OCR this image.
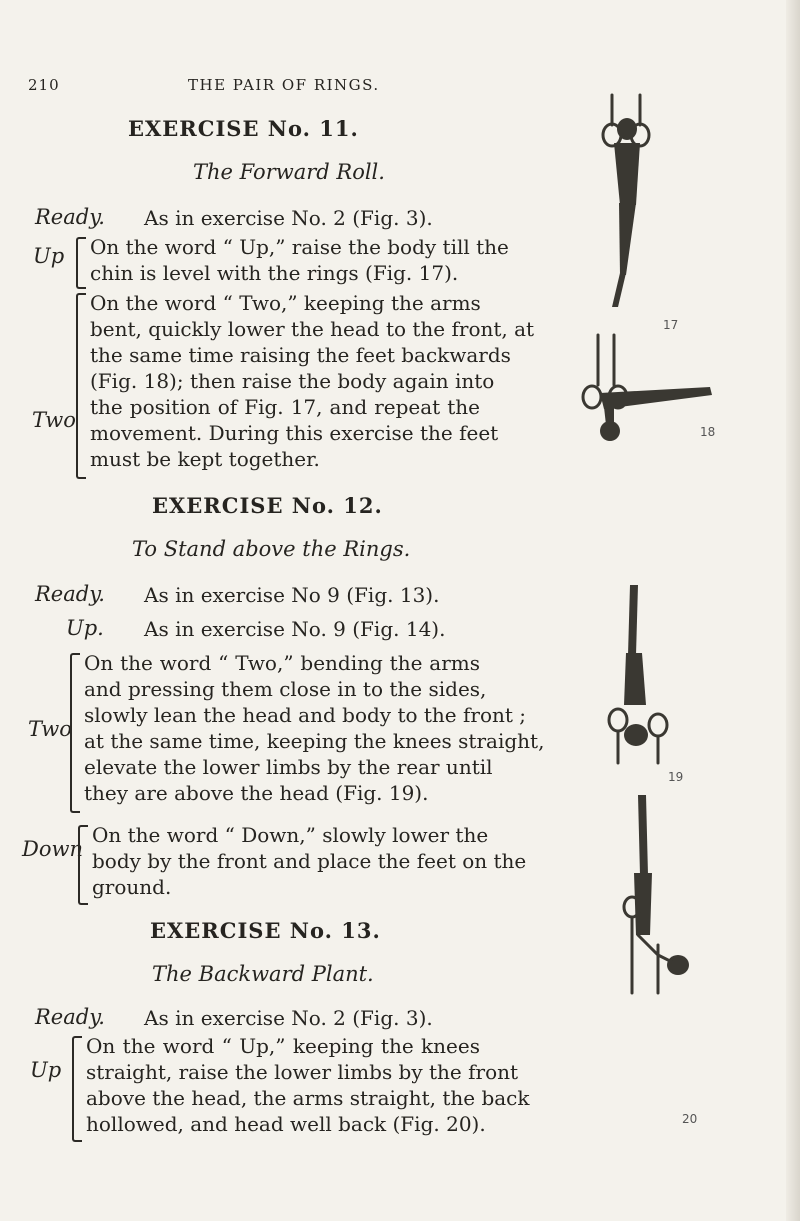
210	THE PAIR OF RINGS.
EXERCISE No. 11.
The Forward Roll.
Ready. As in exercise No. 2 (Fig. 3).
Up On the word “ Up,” raise the body till the
chin is level with the rings (Fig. 17).
Two
On the word “ Two,” keeping the arms
bent, quickly lower the head to the front, at
the same time raising the feet backwards
(Fig. 18); then raise the body again into
the position of Fig. 17, and repeat the
movement. During this exercise the feet
must be kept together.
EXERCISE No. 12.
To Stand above the Rings.
Ready. As in exercise No 9 (Fig. 13).
Up. As in exercise No. 9 (Fig. 14).
Two
On the word “ Two,” bending the arms
and pressing them close in to the sides,
slowly lean the head and body to the front ;
at the same time, keeping the knees straight,
elevate the lower limbs by the rear until
they are above the head (Fig. 19).
Down
On the word “ Down,” slowly lower the
body by the front and place the feet on the
ground.
EXERCISE No. 13.
The Backward Plant.
Ready. As in exercise No. 2 (Fig. 3).
Up
On the word “ Up,” keeping the knees
straight, raise the lower limbs by the front
above the head, the arms straight, the back
hollowed, and head well back (Fig. 20).
17
18
19
20
